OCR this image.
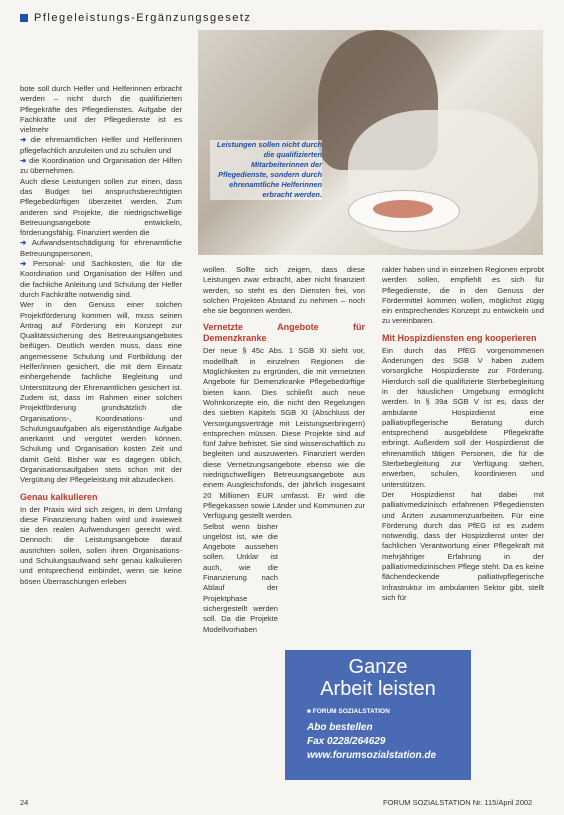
Pflegeleistungs-Ergänzungsgesetz
Leistungen sollen nicht durch die qualifizierten Mitarbeiterinnen der Pflegedienste, sondern durch ehrenamtliche Helferinnen erbracht werden.

bote soll durch Helfer und Helferinnen erbracht werden – nicht durch die qualifizierten Pflegekräfte des Pflegedienstes. Aufgabe der Fachkräfte und der Pflegedienste ist es vielmehr

➜ die ehrenamtlichen Helfer und Helferinnen pflegefachlich anzuleiten und zu schulen und

➜ die Koordination und Organisation der Hilfen zu übernehmen.

Auch diese Leistungen sollen zur einen, dass das Budget bei anspruchsberechtigten Pflegebedürftigen überzeitet werden. Zum anderen sind Projekte, die niedrigschwellige Betreuungsangebote entwickeln, förderungsfähig. Finanziert werden die

➜ Aufwandsentschädigung für ehrenamtliche Betreuungspersonen,

➜ Personal- und Sachkosten, die für die Koordination und Organisation der Hilfen und die fachliche Anleitung und Schulung der Helfer durch Fachkräfte notwendig sind.

Wer in den Genuss einer solchen Projektförderung kommen will, muss seinen Antrag auf Förderung ein Konzept zur Qualitätssicherung des Betreuungsangebotes beifügen. Deutlich werden muss, dass eine angemessene Schulung und Fortbildung der Helfer/innen gesichert, die mit dem Einsatz einhergehende fachliche Begleitung und Unterstützung der Ehrenamtlichen gesichert ist. Zudem ist, dass im Rahmen einer solchen Projektförderung grundsätzlich die Organisations-, Koordinations- und Schulungsaufgaben als eigenständige Aufgabe anerkannt und vergütet werden können. Schulung und Organisation kosten Zeit und damit Geld. Bisher war es dagegen üblich, Organisationsaufgaben stets schon mit der Vergütung der Pflegeleistung mit abzudecken.

Genau kalkulieren

In der Praxis wird sich zeigen, in dem Umfang diese Finanzierung haben wird und inwieweit sie den realen Aufwendungen gerecht wird. Dennoch: die Leistungsangebote darauf ausrichten sollen, sollen ihren Organisations- und Schulungsaufwand sehr genau kalkulieren und entsprechend einbindet, wenn sie keine bösen Überraschungen erleben

wollen. Sollte sich zeigen, dass diese Leistungen zwar erbracht, aber nicht finanziert werden, so steht es den Diensten frei, von solchen Projekten Abstand zu nehmen – noch ehe sie begonnen werden.

Vernetzte Angebote für Demenzkranke

Der neue § 45c Abs. 1 SGB XI sieht vor, modellhaft in einzelnen Regionen die Möglichkeiten zu ergründen, die mit vernetzten Angebote für Demenzkranke Pflegebedürftige bieten kann. Dies schließt auch neue Wohnkonzepte ein, die nicht den Regelungen des siebten Kapitels SGB XI (Abschluss der Versorgungsverträge mit Leistungserbringern) entsprechen müssen. Diese Projekte sind auf fünf Jahre befristet. Sie sind wissenschaftlich zu begleiten und auszuwerten. Finanziert werden diese Vernetzungsangebote ebenso wie die niedrigschwelligen Betreuungsangebote aus einem Ausgleichsfonds, der jährlich insgesamt 20 Millionen EUR umfasst. Er wird die Pflegekassen sowie Länder und Kommunen zur Verfügung gestellt werden.

Selbst wenn bisher ungelöst ist, wie die Angebote aussehen sollen. Unklar ist auch, wie die Finanzierung nach Ablauf der Projektphase sichergestellt werden soll. Da die Projekte Modellvorhaben

rakter haben und in einzelnen Regionen erprobt werden sollen, empfiehlt es sich für Pflegedienste, die in den Genuss der Fördermittel kommen wollen, möglichst zügig ein entsprechendes Konzept zu entwickeln und zu vereinbaren.

Mit Hospizdiensten eng kooperieren

Ein durch das PfEG vorgenommenen Änderungen des SGB V haben zudem vorsorgliche Hospizdienste zur Förderung. Hierdurch soll die qualifizierte Sterbebegleitung in der häuslichen Umgebung ermöglicht werden. In § 39a SGB V ist es, dass der ambulante Hospizdienst eine palliativpflegerische Beratung durch entsprechend ausgebildete Pflegekräfte erbringt. Außerdem soll der Hospizdienst die ehrenamtlich tätigen Personen, die für die Sterbebegleitung zur Verfügung stehen, erwerben, schulen, koordinieren und unterstützen.

Der Hospizdienst hat dabei mit palliativmedizinisch erfahrenen Pflegediensten und Ärzten zusammenzuarbeiten. Für eine Förderung durch das PfEG ist es zudem notwendig, dass der Hospizdienst unter der fachlichen Verantwortung einer Pflegekraft mit mehrjähriger Erfahrung in der palliativmedizinischen Pflege steht. Da es keine flächendeckende palliativpflegerische Infrastruktur im ambulanten Sektor gibt, stellt sich für

Ganze
Arbeit leisten
■ FORUM SOZIALSTATION
Abo bestellen
Fax 0228/264629
www.forumsozialstation.de
24	FORUM SOZIALSTATION Nr. 115/April 2002
